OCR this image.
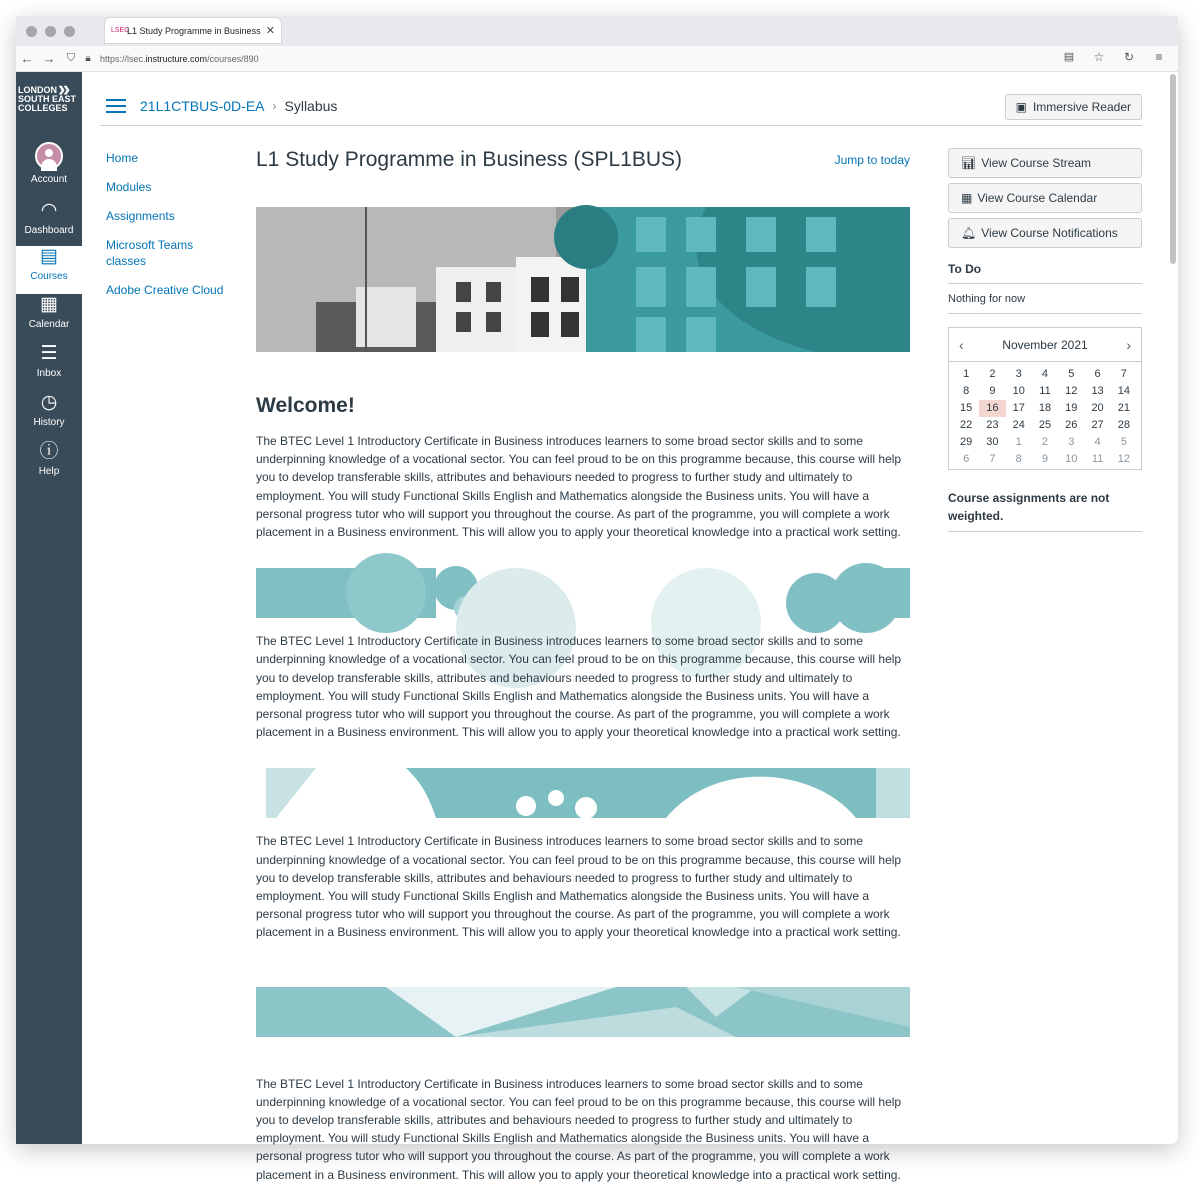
LSEC
L1 Study Programme in Business ✕
← →	⛉	🔒︎	https://lsec.instructure.com/courses/890	▤	☆	↻	≡
LONDON
SOUTH EAST
COLLEGES
»
Account
◠
Dashboard
▤
Courses
▦
Calendar
☰
Inbox
◷
History
ⓘ
Help
21L1CTBUS-0D-EA › Syllabus	▣ Immersive Reader
Home
Modules
Assignments
Microsoft Teams classes
Adobe Creative Cloud
L1 Study Programme in Business (SPL1BUS)	Jump to today
Welcome!

The BTEC Level 1 Introductory Certificate in Business introduces learners to some broad sector skills and to some underpinning knowledge of a vocational sector. You can feel proud to be on this programme because, this course will help you to develop transferable skills, attributes and behaviours needed to progress to further study and ultimately to employment. You will study Functional Skills English and Mathematics alongside the Business units. You will have a personal progress tutor who will support you throughout the course. As part of the programme, you will complete a work placement in a Business environment. This will allow you to apply your theoretical knowledge into a practical work setting.

The BTEC Level 1 Introductory Certificate in Business introduces learners to some broad sector skills and to some underpinning knowledge of a vocational sector. You can feel proud to be on this programme because, this course will help you to develop transferable skills, attributes and behaviours needed to progress to further study and ultimately to employment. You will study Functional Skills English and Mathematics alongside the Business units. You will have a personal progress tutor who will support you throughout the course. As part of the programme, you will complete a work placement in a Business environment. This will allow you to apply your theoretical knowledge into a practical work setting.

The BTEC Level 1 Introductory Certificate in Business introduces learners to some broad sector skills and to some underpinning knowledge of a vocational sector. You can feel proud to be on this programme because, this course will help you to develop transferable skills, attributes and behaviours needed to progress to further study and ultimately to employment. You will study Functional Skills English and Mathematics alongside the Business units. You will have a personal progress tutor who will support you throughout the course. As part of the programme, you will complete a work placement in a Business environment. This will allow you to apply your theoretical knowledge into a practical work setting.

The BTEC Level 1 Introductory Certificate in Business introduces learners to some broad sector skills and to some underpinning knowledge of a vocational sector. You can feel proud to be on this programme because, this course will help you to develop transferable skills, attributes and behaviours needed to progress to further study and ultimately to employment. You will study Functional Skills English and Mathematics alongside the Business units. You will have a personal progress tutor who will support you throughout the course. As part of the programme, you will complete a work placement in a Business environment. This will allow you to apply your theoretical knowledge into a practical work setting.

📊︎ View Course Stream
▦ View Course Calendar
🔔︎ View Course Notifications
To Do
Nothing for now
‹	November 2021	›
1	2	3	4	5	6	7
8	9	10	11	12	13	14
15	16	17	18	19	20	21
22	23	24	25	26	27	28
29	30	1	2	3	4	5
6	7	8	9	10	11	12
Course assignments are not weighted.
